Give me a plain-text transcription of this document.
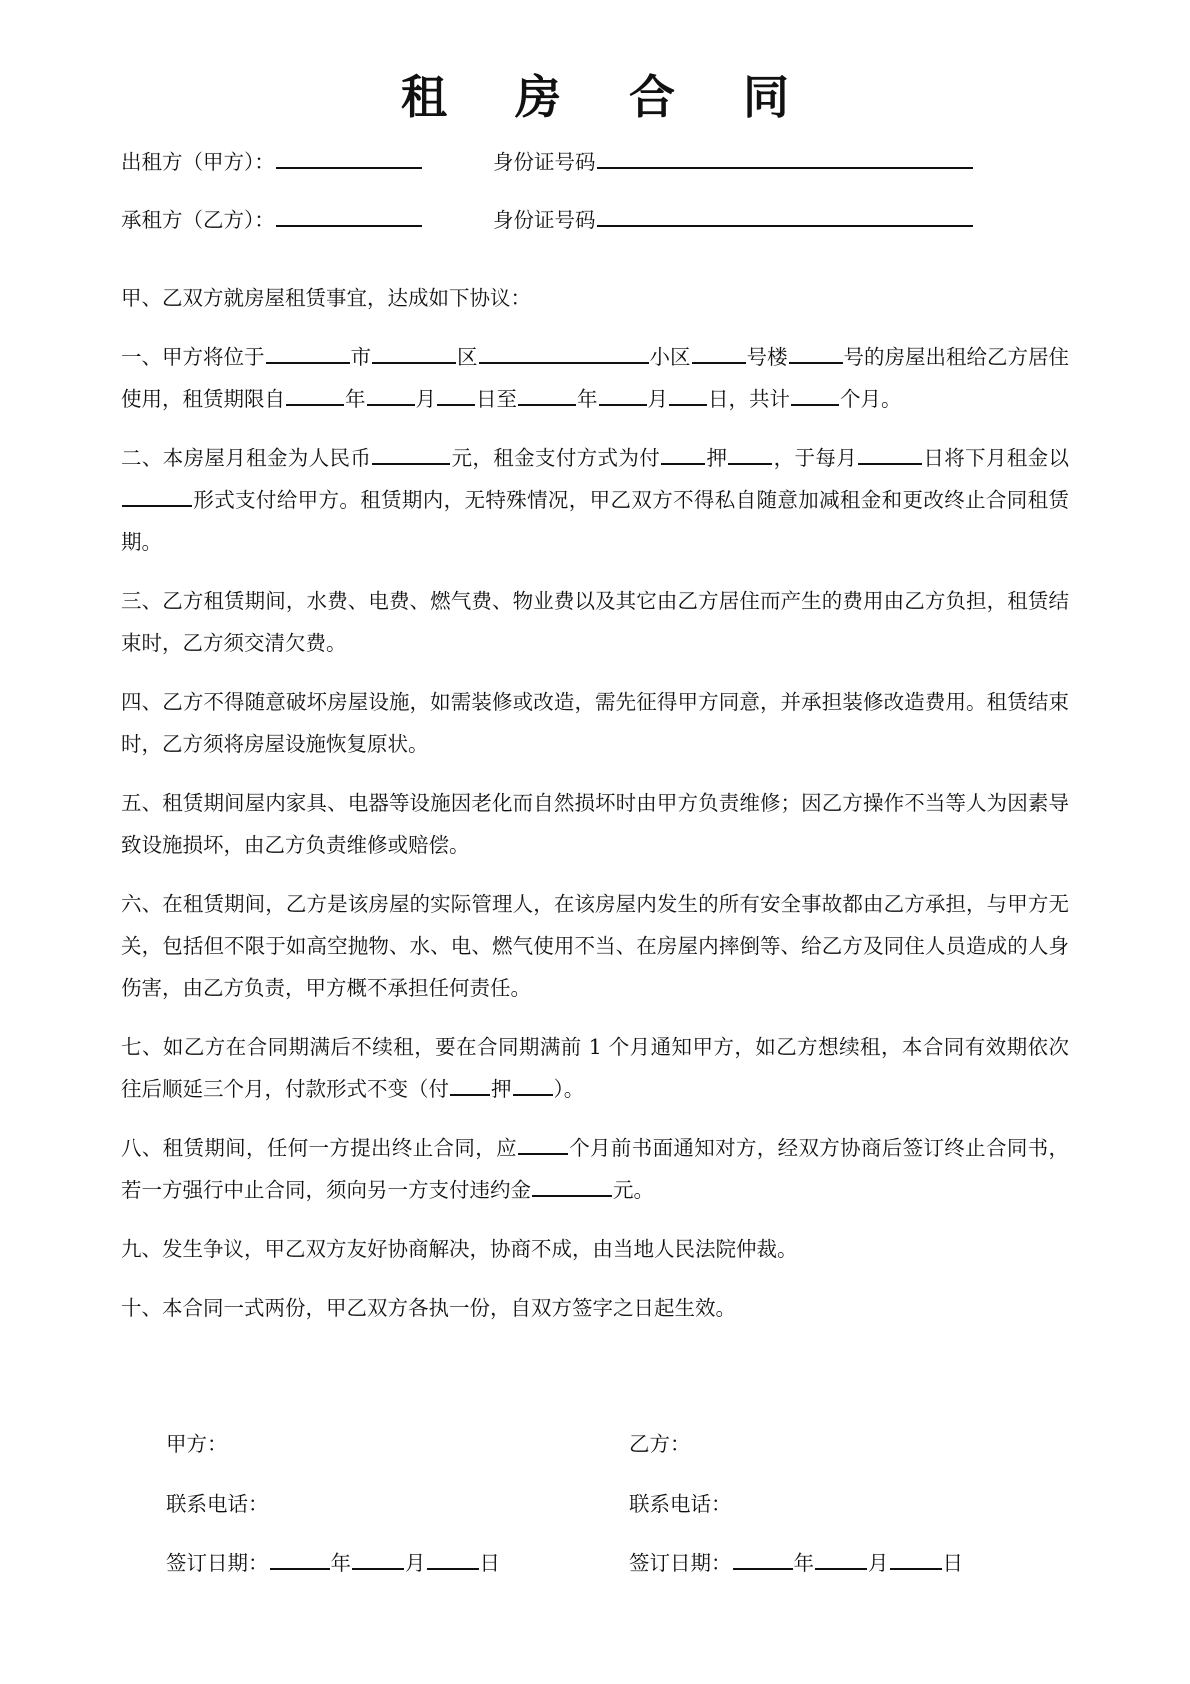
租 房 合 同
出租方（甲方）：	身份证号码
承租方（乙方）：	身份证号码

甲、乙双方就房屋租赁事宜，达成如下协议：

一、甲方将位于	市	区	小区	号楼	号的房屋出租给乙方居住使用，租赁期限自	年 月 日至	年 月 日，共计 个月。

二、本房屋月租金为人民币	元，租金支付方式为付 押 ，于每月	日将下月租金以形式支付给甲方。租赁期内，无特殊情况，甲乙双方不得私自随意加减租金和更改终止合同租赁期。

三、乙方租赁期间，水费、电费、燃气费、物业费以及其它由乙方居住而产生的费用由乙方负担，租赁结束时，乙方须交清欠费。

四、乙方不得随意破坏房屋设施，如需装修或改造，需先征得甲方同意，并承担装修改造费用。租赁结束时，乙方须将房屋设施恢复原状。

五、租赁期间屋内家具、电器等设施因老化而自然损坏时由甲方负责维修；因乙方操作不当等人为因素导致设施损坏，由乙方负责维修或赔偿。

六、在租赁期间，乙方是该房屋的实际管理人，在该房屋内发生的所有安全事故都由乙方承担，与甲方无关，包括但不限于如高空抛物、水、电、燃气使用不当、在房屋内摔倒等、给乙方及同住人员造成的人身伤害，由乙方负责，甲方概不承担任何责任。

七、如乙方在合同期满后不续租，要在合同期满前 1 个月通知甲方，如乙方想续租，本合同有效期依次往后顺延三个月，付款形式不变（付 押 ）。

八、租赁期间，任何一方提出终止合同，应	个月前书面通知对方，经双方协商后签订终止合同书，若一方强行中止合同，须向另一方支付违约金	元。

九、发生争议，甲乙双方友好协商解决，协商不成，由当地人民法院仲裁。

十、本合同一式两份，甲乙双方各执一份，自双方签字之日起生效。

甲方：	乙方：
联系电话：	联系电话：
签订日期：	年	月	日	签订日期：	年	月	日
